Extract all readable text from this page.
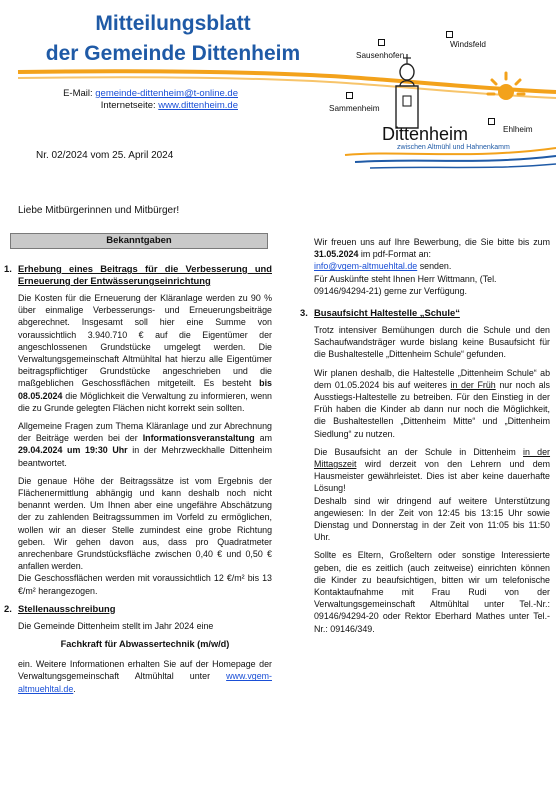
Mitteilungsblatt
der Gemeinde Dittenheim	Sausenhofen
Windsfeld
Sammenheim
Ehlheim
Dittenheim
zwischen Altmühl und Hahnenkamm
E-Mail: gemeinde-dittenheim@t-online.de
Internetseite: www.dittenheim.de
Nr. 02/2024 vom 25. April 2024
Liebe Mitbürgerinnen und Mitbürger!
Bekanntgaben
1. Erhebung eines Beitrags für die Verbesserung und Erneuerung der Entwässerungseinrichtung

Die Kosten für die Erneuerung der Kläranlage werden zu 90 % über einmalige Verbesserungs- und Erneuerungsbeiträge abgerechnet. Insgesamt soll hier eine Summe von voraussichtlich 3.940.710 € auf die Eigentümer der angeschlossenen Grundstücke umgelegt werden. Die Verwaltungsgemeinschaft Altmühltal hat hierzu alle Eigentümer beitragspflichtiger Grundstücke angeschrieben und die maßgeblichen Geschossflächen mitgeteilt. Es besteht bis 08.05.2024 die Möglichkeit die Verwaltung zu informieren, wenn die zu Grunde gelegten Flächen nicht korrekt sein sollten.

Allgemeine Fragen zum Thema Kläranlage und zur Abrechnung der Beiträge werden bei der Informationsveranstaltung am 29.04.2024 um 19:30 Uhr in der Mehrzweckhalle Dittenheim beantwortet.

Die genaue Höhe der Beitragssätze ist vom Ergebnis der Flächenermittlung abhängig und kann deshalb noch nicht benannt werden. Um Ihnen aber eine ungefähre Abschätzung der zu zahlenden Beitragssummen im Vorfeld zu ermöglichen, wollen wir an dieser Stelle zumindest eine grobe Richtung geben. Wir gehen davon aus, dass pro Quadratmeter anrechenbare Grundstücksfläche zwischen 0,40 € und 0,50 € anfallen werden.

Die Geschossflächen werden mit voraussichtlich 12 €/m² bis 13 €/m² herangezogen.

2. Stellenausschreibung

Die Gemeinde Dittenheim stellt im Jahr 2024 eine

Fachkraft für Abwassertechnik (m/w/d)

ein. Weitere Informationen erhalten Sie auf der Homepage der Verwaltungsgemeinschaft Altmühltal unter www.vgem-altmuehltal.de.

Wir freuen uns auf Ihre Bewerbung, die Sie bitte bis zum 31.05.2024 im pdf-Format an:

info@vgem-altmuehltal.de senden.

Für Auskünfte steht Ihnen Herr Wittmann, (Tel. 09146/94294-21) gerne zur Verfügung.

3. Busaufsicht Haltestelle „Schule“

Trotz intensiver Bemühungen durch die Schule und den Sachaufwandsträger wurde bislang keine Busaufsicht für die Bushaltestelle „Dittenheim Schule“ gefunden.

Wir planen deshalb, die Haltestelle „Dittenheim Schule“ ab dem 01.05.2024 bis auf weiteres in der Früh nur noch als Ausstiegs-Haltestelle zu betreiben. Für den Einstieg in der Früh haben die Kinder ab dann nur noch die Möglichkeit, die Bushaltestellen „Dittenheim Mitte“ und „Dittenheim Siedlung“ zu nutzen.

Die Busaufsicht an der Schule in Dittenheim in der Mittagszeit wird derzeit von den Lehrern und dem Hausmeister gewährleistet. Dies ist aber keine dauerhafte Lösung!

Deshalb sind wir dringend auf weitere Unterstützung angewiesen: In der Zeit von 12:45 bis 13:15 Uhr sowie Dienstag und Donnerstag in der Zeit von 11:05 bis 11:50 Uhr.

Sollte es Eltern, Großeltern oder sonstige Interessierte geben, die es zeitlich (auch zeitweise) einrichten können die Kinder zu beaufsichtigen, bitten wir um telefonische Kontaktaufnahme mit Frau Rudi von der Verwaltungsgemeinschaft Altmühltal unter Tel.-Nr.: 09146/94294-20 oder Rektor Eberhard Mathes unter Tel.-Nr.: 09146/349.
